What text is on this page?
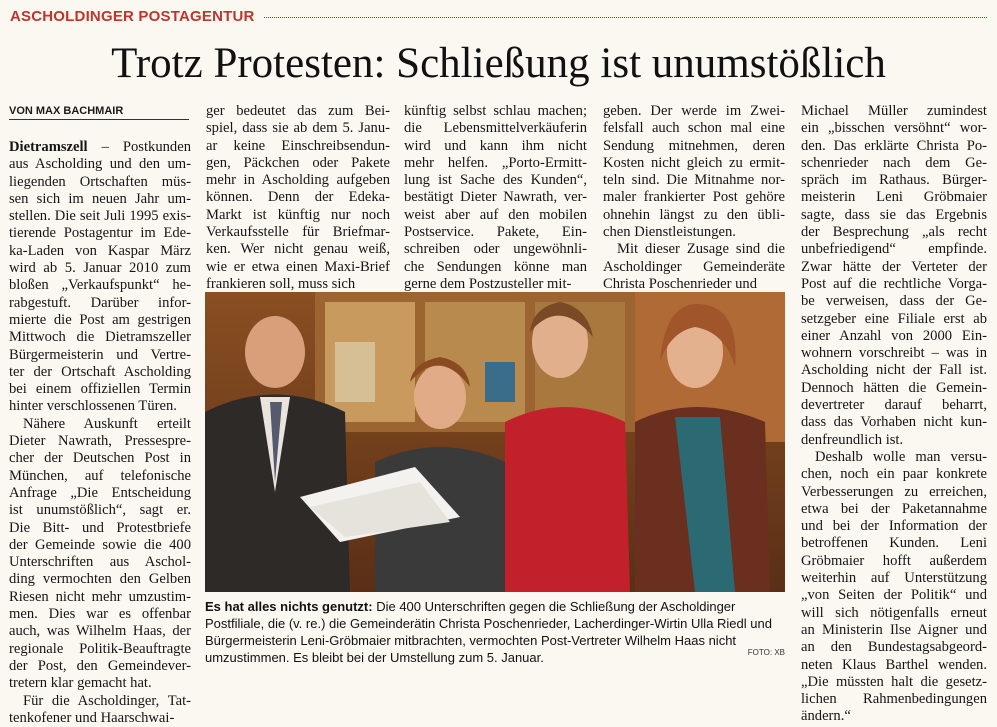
ASCHOLDINGER POSTAGENTUR
Trotz Protesten: Schließung ist unumstößlich
VON MAX BACHMAIR
Dietramszell – Postkunden
aus Ascholding und den um-
liegenden Ortschaften müs-
sen sich im neuen Jahr um-
stellen. Die seit Juli 1995 exis-
tierende Postagentur im Ede-
ka-Laden von Kaspar März
wird ab 5. Januar 2010 zum
bloßen „Verkaufspunkt“ he-
rabgestuft. Darüber infor-
mierte die Post am gestrigen
Mittwoch die Dietramszeller
Bürgermeisterin und Vertre-
ter der Ortschaft Ascholding
bei einem offiziellen Termin
hinter verschlossenen Türen.
Nähere Auskunft erteilt
Dieter Nawrath, Pressespre-
cher der Deutschen Post in
München, auf telefonische
Anfrage „Die Entscheidung
ist unumstößlich“, sagt er.
Die Bitt- und Protestbriefe
der Gemeinde sowie die 400
Unterschriften aus Aschol-
ding vermochten den Gelben
Riesen nicht mehr umzustim-
men. Dies war es offenbar
auch, was Wilhelm Haas, der
regionale Politik-Beauftragte
der Post, den Gemeindever-
tretern klar gemacht hat.
Für die Ascholdinger, Tat-
tenkofener und Haarschwai-
ger bedeutet das zum Bei-
spiel, dass sie ab dem 5. Janu-
ar keine Einschreibsendun-
gen, Päckchen oder Pakete
mehr in Ascholding aufgeben
können. Denn der Edeka-
Markt ist künftig nur noch
Verkaufsstelle für Briefmar-
ken. Wer nicht genau weiß,
wie er etwa einen Maxi-Brief
frankieren soll, muss sich
künftig selbst schlau machen;
die Lebensmittelverkäuferin
wird und kann ihm nicht
mehr helfen. „Porto-Ermitt-
lung ist Sache des Kunden“,
bestätigt Dieter Nawrath, ver-
weist aber auf den mobilen
Postservice. Pakete, Ein-
schreiben oder ungewöhnli-
che Sendungen könne man
gerne dem Postzusteller mit-
geben. Der werde im Zwei-
felsfall auch schon mal eine
Sendung mitnehmen, deren
Kosten nicht gleich zu ermit-
teln sind. Die Mitnahme nor-
maler frankierter Post gehöre
ohnehin längst zu den übli-
chen Dienstleistungen.
Mit dieser Zusage sind die
Ascholdinger Gemeinderäte
Christa Poschenrieder und
Michael Müller zumindest
ein „bisschen versöhnt“ wor-
den. Das erklärte Christa Po-
schenrieder nach dem Ge-
spräch im Rathaus. Bürger-
meisterin Leni Gröbmaier
sagte, dass sie das Ergebnis
der Besprechung „als recht
unbefriedigend“ empfinde.
Zwar hätte der Verteter der
Post auf die rechtliche Vorga-
be verweisen, dass der Ge-
setzgeber eine Filiale erst ab
einer Anzahl von 2000 Ein-
wohnern vorschreibt – was in
Ascholding nicht der Fall ist.
Dennoch hätten die Gemein-
devertreter darauf beharrt,
dass das Vorhaben nicht kun-
denfreundlich ist.
Deshalb wolle man versu-
chen, noch ein paar konkrete
Verbesserungen zu erreichen,
etwa bei der Paketannahme
und bei der Information der
betroffenen Kunden. Leni
Gröbmaier hofft außerdem
weiterhin auf Unterstützung
„von Seiten der Politik“ und
will sich nötigenfalls erneut
an Ministerin Ilse Aigner und
an den Bundestagsabgeord-
neten Klaus Barthel wenden.
„Die müssten halt die gesetz-
lichen Rahmenbedingungen
ändern.“
Es hat alles nichts genutzt: Die 400 Unterschriften gegen die Schließung der Ascholdinger Postfiliale, die (v. re.) die Gemeinderätin Christa Poschenrieder, Lacherdinger-Wirtin Ulla Riedl und Bürgermeisterin Leni-Gröbmaier mitbrachten, vermochten Post-Vertreter Wilhelm Haas nicht umzustimmen. Es bleibt bei der Umstellung zum 5. Januar.	FOTO: XB
